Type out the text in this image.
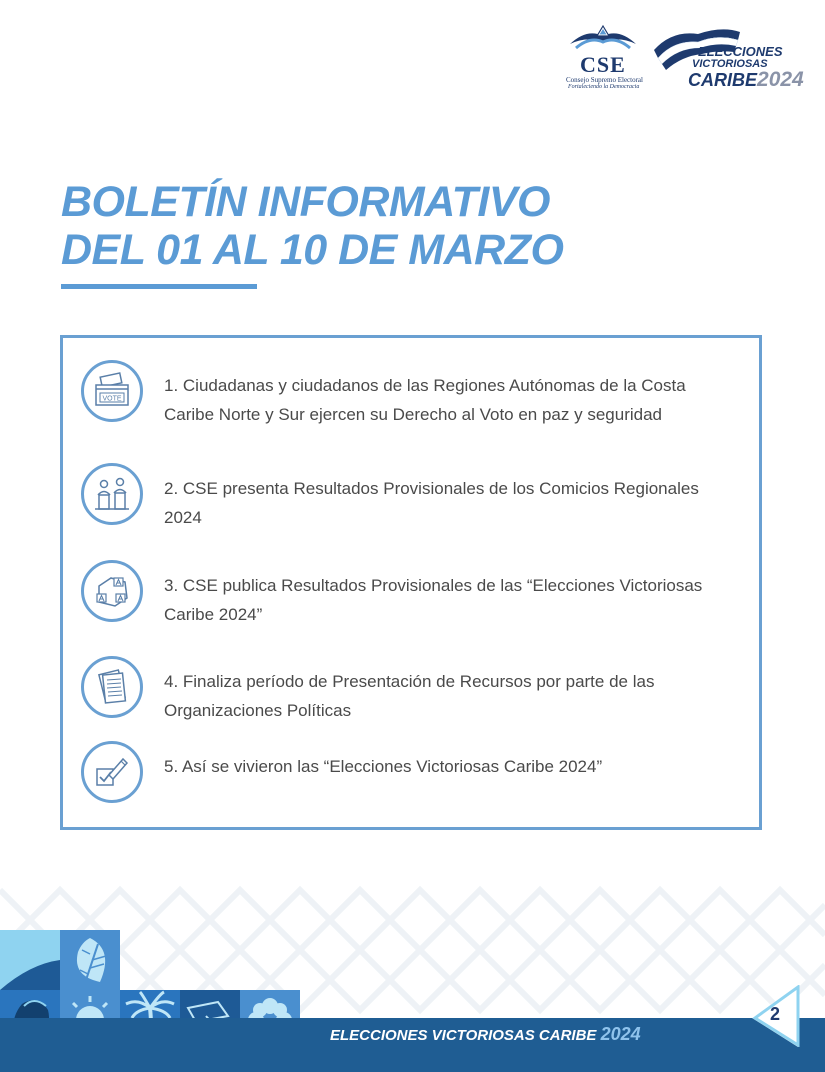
CSE
Consejo Supremo Electoral
Fortaleciendo la Democracia
ELECCIONES
VICTORIOSAS
CARIBE2024
BOLETÍN INFORMATIVO
DEL 01 AL 10 DE MARZO
VOTE
1. Ciudadanas y ciudadanos de las Regiones Autónomas de la Costa Caribe Norte y Sur ejercen su Derecho al Voto en paz y seguridad
2. CSE presenta Resultados Provisionales de los Comicios Regionales 2024
3. CSE publica Resultados Provisionales de las “Elecciones Victoriosas Caribe 2024”
4. Finaliza período de Presentación de Recursos por parte de las Organizaciones Políticas
5. Así se vivieron las “Elecciones Victoriosas Caribe 2024”
ELECCIONES VICTORIOSAS CARIBE 2024
2
